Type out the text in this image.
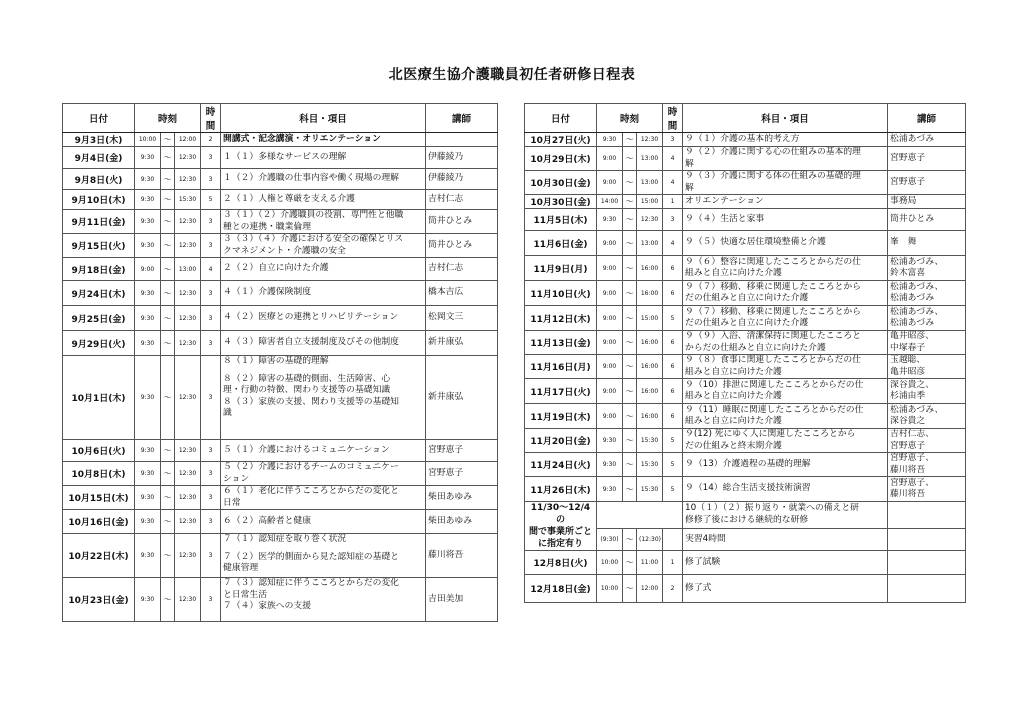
北医療生協介護職員初任者研修日程表
日付	時刻			時間	科目・項目	講師
9月3日(木)	10:00	～	12:00	2	開講式・記念講演・オリエンテーション	

9月4日(金)	9:30	～	12:30	3	１（１）多様なサービスの理解	伊藤綾乃

9月8日(火)	9:30	～	12:30	3	１（２）介護職の仕事内容や働く現場の理解	伊藤綾乃

9月10日(木)	9:30	～	15:30	5	２（１）人権と尊厳を支える介護	吉村仁志

9月11日(金)	9:30	～	12:30	3	３（１）（２）介護職員の役割、専門性と他職
種との連携・職業倫理	筒井ひとみ

9月15日(火)	9:30	～	12:30	3	３（３）（４）介護における安全の確保とリス
クマネジメント・介護職の安全	筒井ひとみ

9月18日(金)	9:00	～	13:00	4	２（２）自立に向けた介護	吉村仁志

9月24日(木)	9:30	～	12:30	3	４（１）介護保険制度	橋本吉広

9月25日(金)	9:30	～	12:30	3	４（２）医療との連携とリハビリテーション	松岡文三

9月29日(火)	9:30	～	12:30	3	４（３）障害者自立支援制度及びその他制度	新井康弘

10月1日(木)	9:30	～	12:30	3	８（１）障害の基礎的理解
８（２）障害の基礎的側面、生活障害、心
理・行動の特徴、関わり支援等の基礎知識
８（３）家族の支援、関わり支援等の基礎知
識	新井康弘

10月6日(火)	9:30	～	12:30	3	５（１）介護におけるコミュニケーション	宮野恵子

10月8日(木)	9:30	～	12:30	3	５（２）介護におけるチームのコミュニケー
ション	宮野恵子

10月15日(木)	9:30	～	12:30	3	６（１）老化に伴うこころとからだの変化と
日常	柴田あゆみ

10月16日(金)	9:30	～	12:30	3	６（２）高齢者と健康	柴田あゆみ

10月22日(木)	9:30	～	12:30	3	７（１）認知症を取り巻く状況
７（２）医学的側面から見た認知症の基礎と
健康管理	藤川将吾

10月23日(金)	9:30	～	12:30	3	７（３）認知症に伴うこころとからだの変化
と日常生活
７（４）家族への支援	吉田美加
日付	時刻			時間	科目・項目	講師
10月27日(火)	9:30	～	12:30	3	９（１）介護の基本的考え方	松浦あづみ

10月29日(木)	9:00	～	13:00	4	９（２）介護に関する心の仕組みの基本的理
解	宮野恵子

10月30日(金)	9:00	～	13:00	4	９（３）介護に関する体の仕組みの基礎的理
解	宮野恵子

10月30日(金)	14:00	～	15:00	1	オリエンテーション	事務局

11月5日(木)	9:30	～	12:30	3	９（４）生活と家事	筒井ひとみ

11月6日(金)	9:00	～	13:00	4	９（５）快適な居住環境整備と介護	峯　舞

11月9日(月)	9:00	～	16:00	6	９（６）整容に関連したこころとからだの仕
組みと自立に向けた介護	松浦あづみ、
鈴木富喜

11月10日(火)	9:00	～	16:00	6	９（７）移動、移乗に関連したこころとから
だの仕組みと自立に向けた介護	松浦あづみ、
松浦あづみ

11月12日(木)	9:00	～	15:00	5	９（７）移動、移乗に関連したこころとから
だの仕組みと自立に向けた介護	松浦あづみ、
松浦あづみ

11月13日(金)	9:00	～	16:00	6	９（９）入浴、清潔保持に関連したこころと
からだの仕組みと自立に向けた介護	亀井昭彦、
中塚春子

11月16日(月)	9:00	～	16:00	6	９（８）食事に関連したこころとからだの仕
組みと自立に向けた介護	玉越聡、
亀井昭彦

11月17日(火)	9:00	～	16:00	6	９（10）排泄に関連したこころとからだの仕
組みと自立に向けた介護	深谷貴之、
杉浦由季

11月19日(木)	9:00	～	16:00	6	９（11）睡眠に関連したこころとからだの仕
組みと自立に向けた介護	松浦あづみ、
深谷貴之

11月20日(金)	9:30	～	15:30	5	９(12) 死にゆく人に関連したこころとから
だの仕組みと終末期介護	吉村仁志、
宮野恵子

11月24日(火)	9:30	～	15:30	5	９（13）介護過程の基礎的理解	宮野恵子、
藤川将吾

11月26日(木)	9:30	～	15:30	5	９（14）総合生活支援技術演習	宮野恵子、
藤川将吾

11/30～12/4の
間で事業所ごと
に指定有り					10（１）（２）振り返り・就業への備えと研
修修了後における継続的な研修	

	(9:30)	～	(12:30)		実習4時間	
12月8日(火)	10:00	～	11:00	1	修了試験	

12月18日(金)	10:00	～	12:00	2	修了式	
